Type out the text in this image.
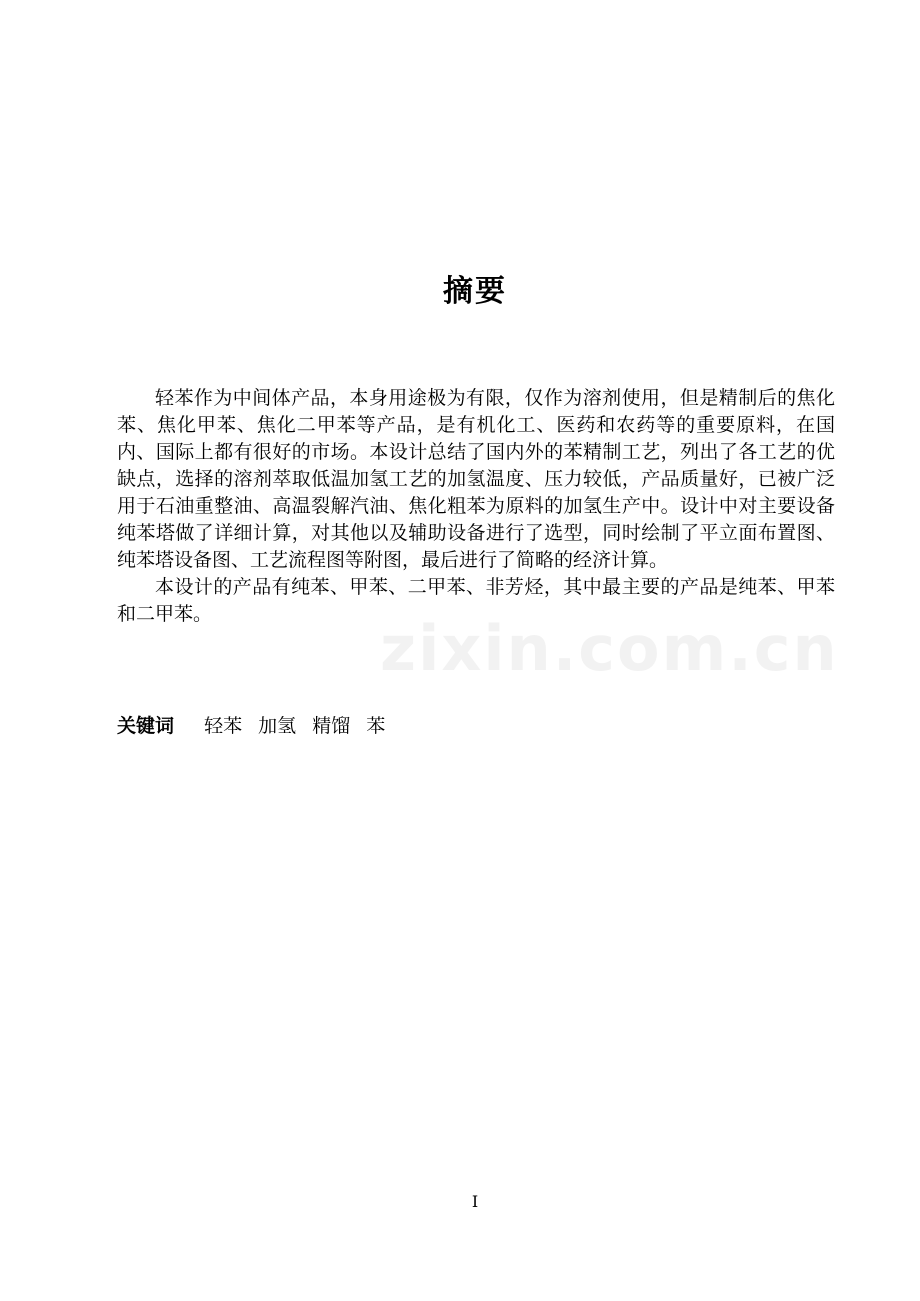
摘要

轻苯作为中间体产品，本身用途极为有限，仅作为溶剂使用，但是精制后的焦化苯、焦化甲苯、焦化二甲苯等产品，是有机化工、医药和农药等的重要原料，在国内、国际上都有很好的市场。本设计总结了国内外的苯精制工艺，列出了各工艺的优缺点，选择的溶剂萃取低温加氢工艺的加氢温度、压力较低，产品质量好，已被广泛用于石油重整油、高温裂解汽油、焦化粗苯为原料的加氢生产中。设计中对主要设备纯苯塔做了详细计算，对其他以及辅助设备进行了选型，同时绘制了平立面布置图、纯苯塔设备图、工艺流程图等附图，最后进行了简略的经济计算。

本设计的产品有纯苯、甲苯、二甲苯、非芳烃，其中最主要的产品是纯苯、甲苯和二甲苯。	zixin.com.cn
关键词 轻苯 加氢 精馏 苯
I
